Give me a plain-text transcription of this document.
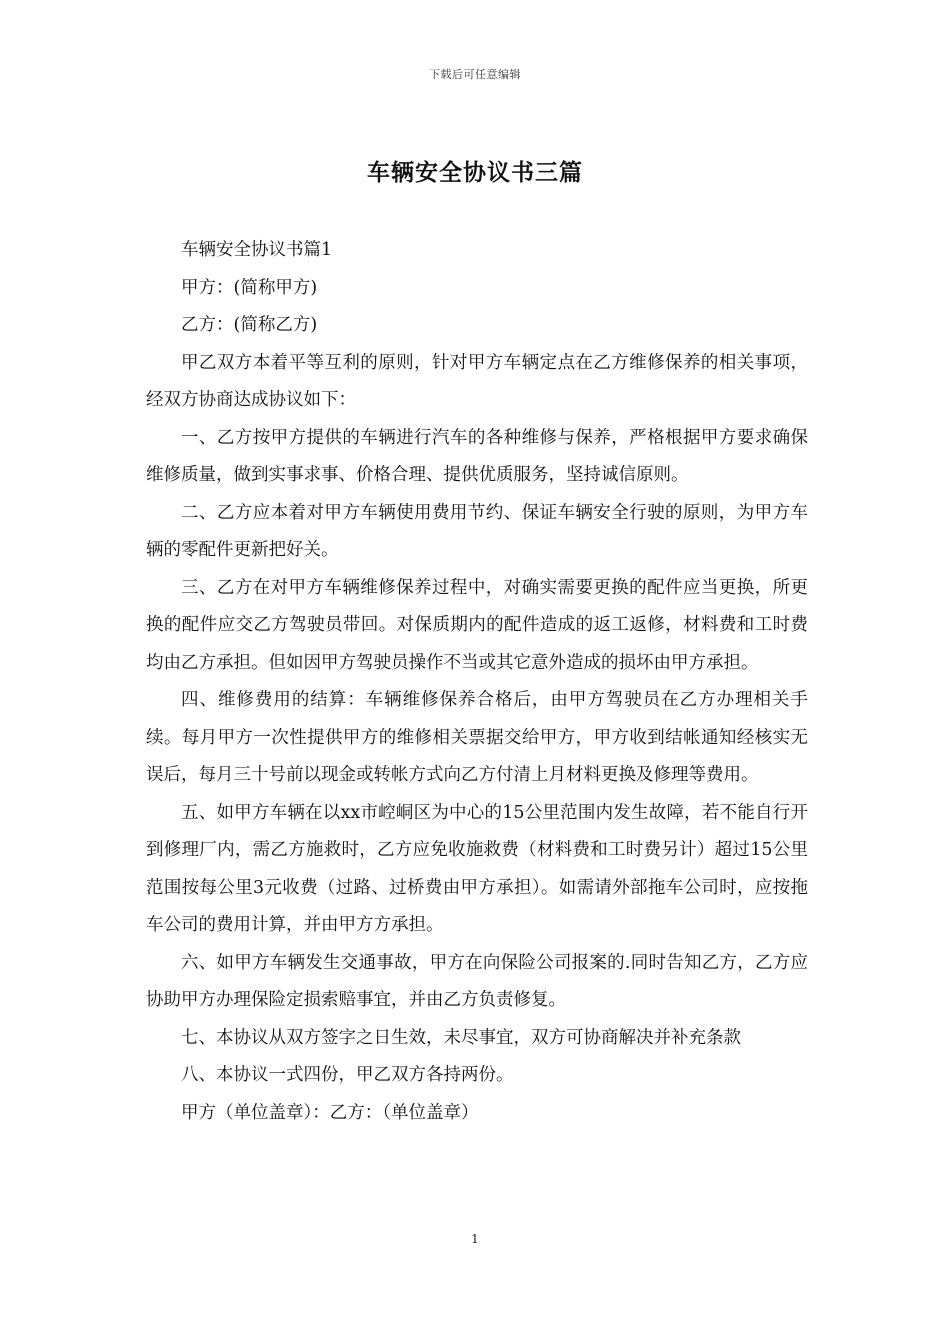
下载后可任意编辑
车辆安全协议书三篇

车辆安全协议书篇1

甲方：(简称甲方)

乙方：(简称乙方)

甲乙双方本着平等互利的原则，针对甲方车辆定点在乙方维修保养的相关事项，经双方协商达成协议如下：

一、乙方按甲方提供的车辆进行汽车的各种维修与保养，严格根据甲方要求确保维修质量，做到实事求事、价格合理、提供优质服务，坚持诚信原则。

二、乙方应本着对甲方车辆使用费用节约、保证车辆安全行驶的原则，为甲方车辆的零配件更新把好关。

三、乙方在对甲方车辆维修保养过程中，对确实需要更换的配件应当更换，所更换的配件应交乙方驾驶员带回。对保质期内的配件造成的返工返修，材料费和工时费均由乙方承担。但如因甲方驾驶员操作不当或其它意外造成的损坏由甲方承担。

四、维修费用的结算：车辆维修保养合格后，由甲方驾驶员在乙方办理相关手续。每月甲方一次性提供甲方的维修相关票据交给甲方，甲方收到结帐通知经核实无误后，每月三十号前以现金或转帐方式向乙方付清上月材料更换及修理等费用。

五、如甲方车辆在以xx市崆峒区为中心的15公里范围内发生故障，若不能自行开到修理厂内，需乙方施救时，乙方应免收施救费（材料费和工时费另计）超过15公里范围按每公里3元收费（过路、过桥费由甲方承担）。如需请外部拖车公司时，应按拖车公司的费用计算，并由甲方方承担。

六、如甲方车辆发生交通事故，甲方在向保险公司报案的.同时告知乙方，乙方应协助甲方办理保险定损索赔事宜，并由乙方负责修复。

七、本协议从双方签字之日生效，未尽事宜，双方可协商解决并补充条款

八、本协议一式四份，甲乙双方各持两份。

甲方（单位盖章）：乙方：（单位盖章）

1
